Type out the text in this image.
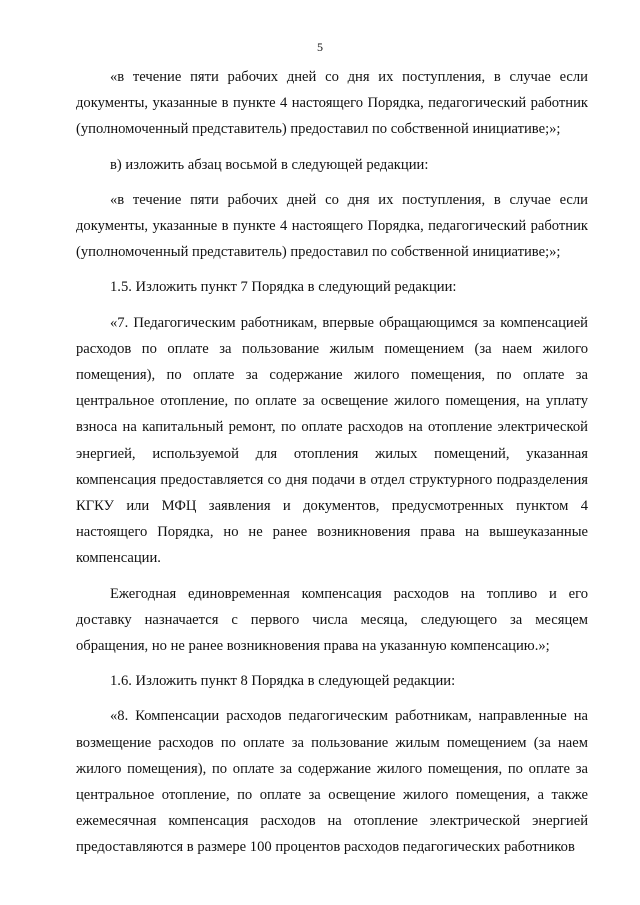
5

«в течение пяти рабочих дней со дня их поступления, в случае если документы, указанные в пункте 4 настоящего Порядка, педагогический работник (уполномоченный представитель) предоставил по собственной инициативе;»;

в) изложить абзац восьмой в следующей редакции:

«в течение пяти рабочих дней со дня их поступления, в случае если документы, указанные в пункте 4 настоящего Порядка, педагогический работник (уполномоченный представитель) предоставил по собственной инициативе;»;

1.5. Изложить пункт 7 Порядка в следующий редакции:

«7. Педагогическим работникам, впервые обращающимся за компенсацией расходов по оплате за пользование жилым помещением (за наем жилого помещения), по оплате за содержание жилого помещения, по оплате за центральное отопление, по оплате за освещение жилого помещения, на уплату взноса на капитальный ремонт, по оплате расходов на отопление электрической энергией, используемой для отопления жилых помещений, указанная компенсация предоставляется со дня подачи в отдел структурного подразделения КГКУ или МФЦ заявления и документов, предусмотренных пунктом 4 настоящего Порядка, но не ранее возникновения права на вышеуказанные компенсации.

Ежегодная единовременная компенсация расходов на топливо и его доставку назначается с первого числа месяца, следующего за месяцем обращения, но не ранее возникновения права на указанную компенсацию.»;

1.6. Изложить пункт 8 Порядка в следующей редакции:

«8. Компенсации расходов педагогическим работникам, направленные на возмещение расходов по оплате за пользование жилым помещением (за наем жилого помещения), по оплате за содержание жилого помещения, по оплате за центральное отопление, по оплате за освещение жилого помещения, а также ежемесячная компенсация расходов на отопление электрической энергией предоставляются в размере 100 процентов расходов педагогических работников
